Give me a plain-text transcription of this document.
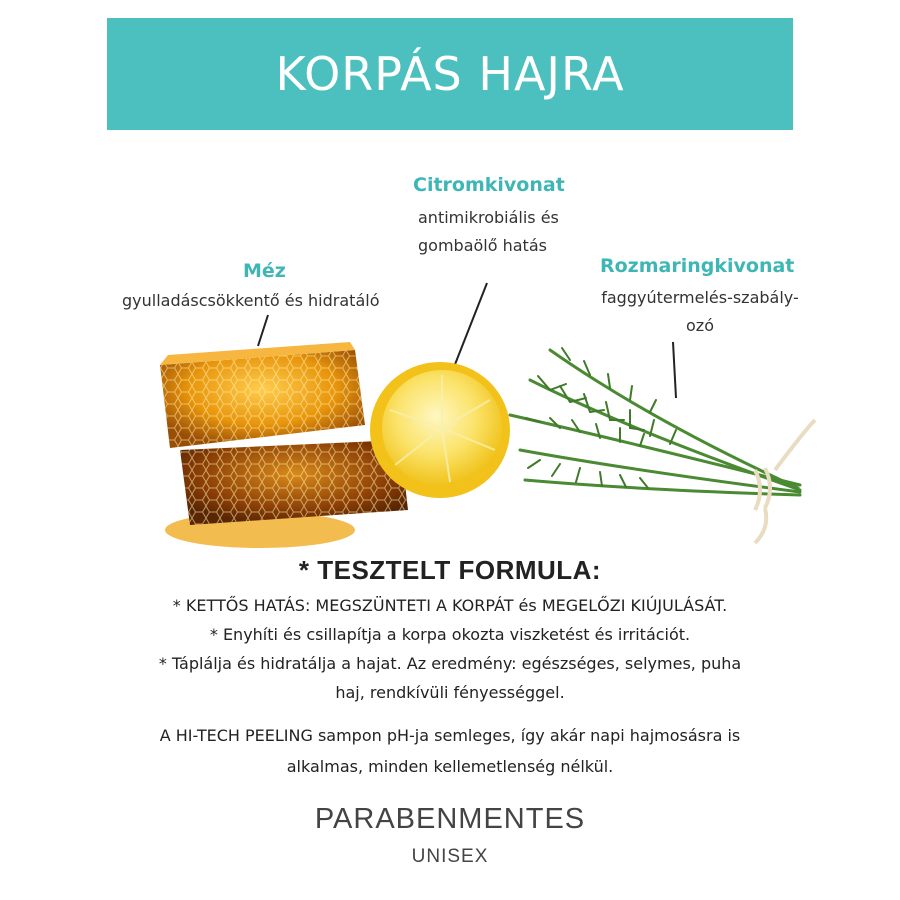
KORPÁS HAJRA
Citromkivonat
antimikrobiális és
gombaölő hatás
Méz
gyulladáscsökkentő és hidratáló
Rozmaringkivonat
faggyútermelés-szabály-
ozó
* TESZTELT FORMULA:

* KETTŐS HATÁS: MEGSZÜNTETI A KORPÁT és MEGELŐZI KIÚJULÁSÁT.

* Enyhíti és csillapítja a korpa okozta viszketést és irritációt.

* Táplálja és hidratálja a hajat. Az eredmény: egészséges, selymes, puha

haj, rendkívüli fényességgel.

A HI-TECH PEELING sampon pH-ja semleges, így akár napi hajmosásra is
alkalmas, minden kellemetlenség nélkül.
PARABENMENTES
UNISEX
